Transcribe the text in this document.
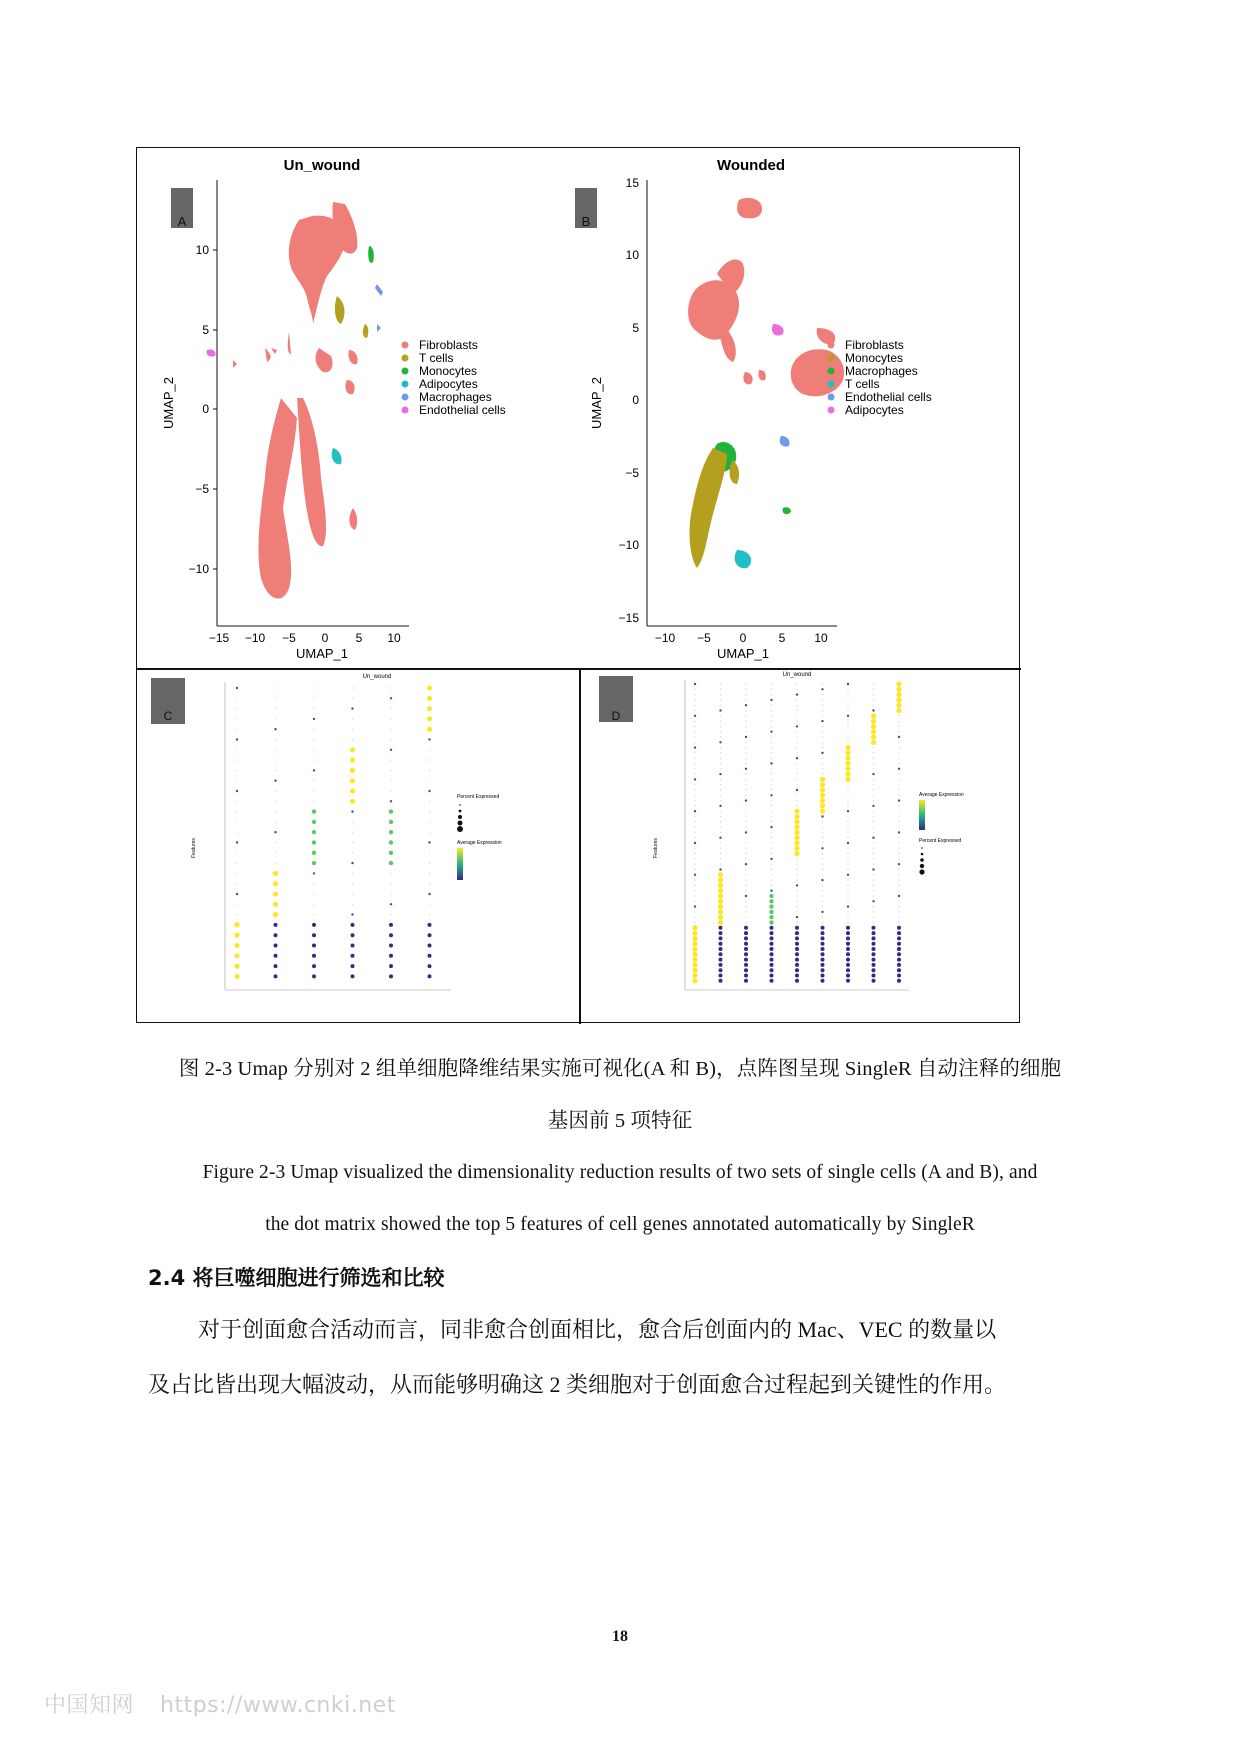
A
Un_wound
10
5
0
−5
−10
−15 −10 −5 0 5 10
UMAP_1
UMAP_2
Fibroblasts
T cells
Monocytes
Adipocytes
Macrophages
Endothelial cells
B
Wounded
15
10
5
0
−5
−10
−15
−10 −5 0	5 10
UMAP_1
UMAP_2
Fibroblasts
Monocytes
Macrophages
T cells
Endothelial cells
Adipocytes
C
Un_wound
Features
Percent Expressed
Average Expression
D
Un_wound
Features
Average Expression
Percent Expressed
图 2-3 Umap 分别对 2 组单细胞降维结果实施可视化(A 和 B)，点阵图呈现 SingleR 自动注释的细胞
基因前 5 项特征
Figure 2-3 Umap visualized the dimensionality reduction results of two sets of single cells (A and B), and
the dot matrix showed the top 5 features of cell genes annotated automatically by SingleR
2.4 将巨噬细胞进行筛选和比较
对于创面愈合活动而言，同非愈合创面相比，愈合后创面内的 Mac、VEC 的数量以
及占比皆出现大幅波动，从而能够明确这 2 类细胞对于创面愈合过程起到关键性的作用。
18
中国知网 https://www.cnki.net
